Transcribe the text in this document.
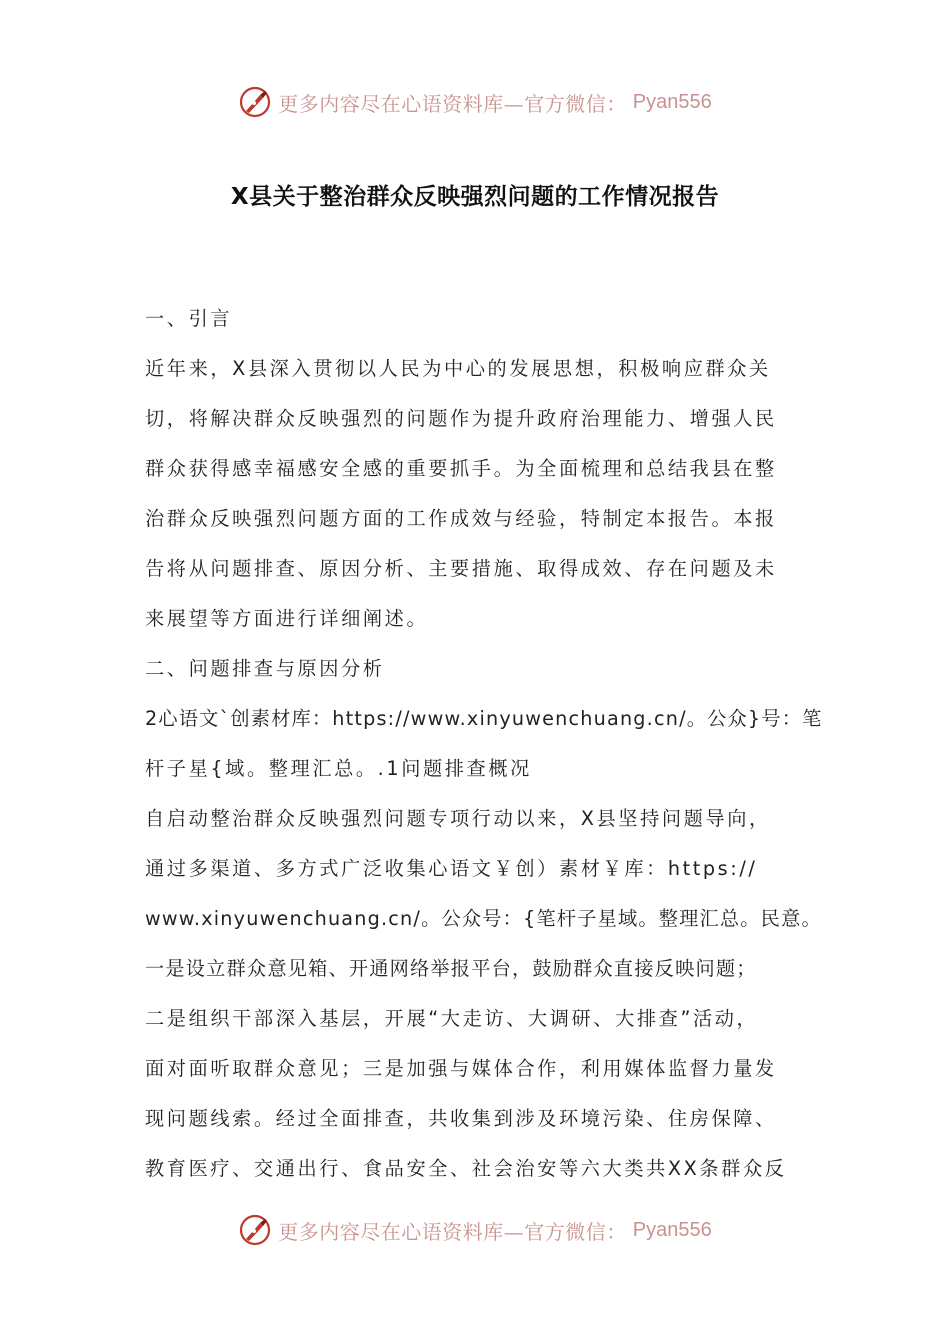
更多内容尽在心语资料库—官方微信： Pyan556
X县关于整治群众反映强烈问题的工作情况报告
一、引言
近年来，X县深入贯彻以人民为中心的发展思想，积极响应群众关
切，将解决群众反映强烈的问题作为提升政府治理能力、增强人民
群众获得感幸福感安全感的重要抓手。为全面梳理和总结我县在整
治群众反映强烈问题方面的工作成效与经验，特制定本报告。本报
告将从问题排查、原因分析、主要措施、取得成效、存在问题及未
来展望等方面进行详细阐述。
二、问题排查与原因分析
2心语文`创素材库：https://www.xinyuwenchuang.cn/。公众}号：笔
杆子星{域。整理汇总。.1问题排查概况
自启动整治群众反映强烈问题专项行动以来，X县坚持问题导向，
通过多渠道、多方式广泛收集心语文￥创）素材￥库：https://
www.xinyuwenchuang.cn/。公众号：{笔杆子星域。整理汇总。民意。
一是设立群众意见箱、开通网络举报平台，鼓励群众直接反映问题；
二是组织干部深入基层，开展“大走访、大调研、大排查”活动，
面对面听取群众意见；三是加强与媒体合作，利用媒体监督力量发
现问题线索。经过全面排查，共收集到涉及环境污染、住房保障、
教育医疗、交通出行、食品安全、社会治安等六大类共XX条群众反
更多内容尽在心语资料库—官方微信： Pyan556
